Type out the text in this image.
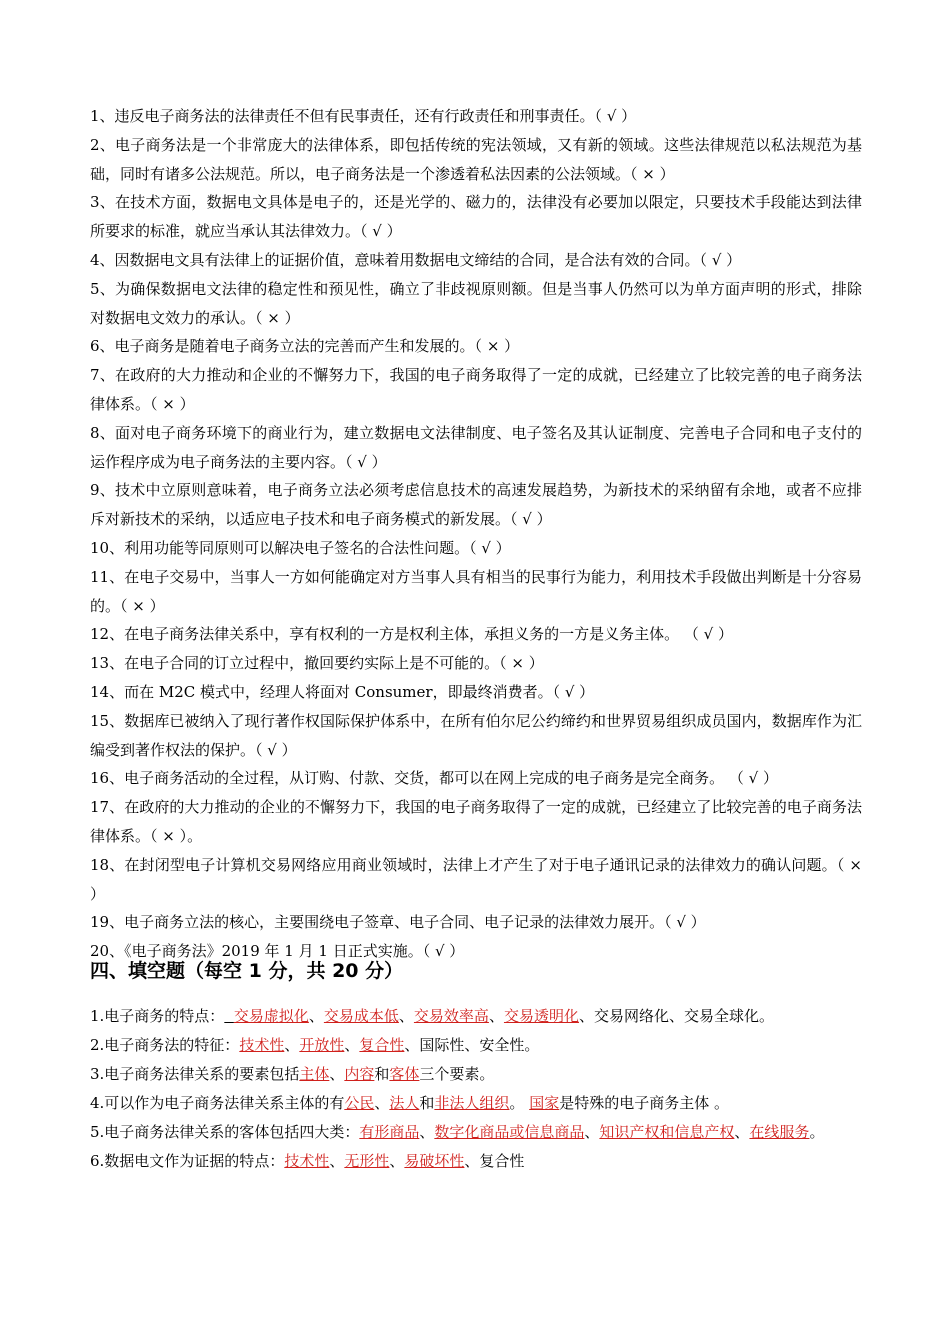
1、违反电子商务法的法律责任不但有民事责任，还有行政责任和刑事责任。（ √ ）

2、电子商务法是一个非常庞大的法律体系，即包括传统的宪法领域，又有新的领域。这些法律规范以私法规范为基础，同时有诸多公法规范。所以，电子商务法是一个渗透着私法因素的公法领域。（ × ）

3、在技术方面，数据电文具体是电子的，还是光学的、磁力的，法律没有必要加以限定，只要技术手段能达到法律所要求的标准，就应当承认其法律效力。（ √ ）

4、因数据电文具有法律上的证据价值，意味着用数据电文缔结的合同，是合法有效的合同。（ √ ）

5、为确保数据电文法律的稳定性和预见性，确立了非歧视原则额。但是当事人仍然可以为单方面声明的形式，排除对数据电文效力的承认。（ × ）

6、电子商务是随着电子商务立法的完善而产生和发展的。（ × ）

7、在政府的大力推动和企业的不懈努力下，我国的电子商务取得了一定的成就，已经建立了比较完善的电子商务法律体系。（ × ）

8、面对电子商务环境下的商业行为，建立数据电文法律制度、电子签名及其认证制度、完善电子合同和电子支付的运作程序成为电子商务法的主要内容。（ √ ）

9、技术中立原则意味着，电子商务立法必须考虑信息技术的高速发展趋势，为新技术的采纳留有余地，或者不应排斥对新技术的采纳，以适应电子技术和电子商务模式的新发展。（ √ ）

10、利用功能等同原则可以解决电子签名的合法性问题。（ √ ）

11、在电子交易中，当事人一方如何能确定对方当事人具有相当的民事行为能力，利用技术手段做出判断是十分容易的。（ × ）

12、在电子商务法律关系中，享有权利的一方是权利主体，承担义务的一方是义务主体。 （ √ ）

13、在电子合同的订立过程中，撤回要约实际上是不可能的。（ × ）

14、而在 M2C 模式中，经理人将面对 Consumer，即最终消费者。（ √ ）

15、数据库已被纳入了现行著作权国际保护体系中，在所有伯尔尼公约缔约和世界贸易组织成员国内，数据库作为汇编受到著作权法的保护。（ √ ）

16、电子商务活动的全过程，从订购、付款、交货，都可以在网上完成的电子商务是完全商务。 （ √ ）

17、在政府的大力推动的企业的不懈努力下，我国的电子商务取得了一定的成就，已经建立了比较完善的电子商务法律体系。（ × ）。

18、在封闭型电子计算机交易网络应用商业领域时，法律上才产生了对于电子通讯记录的法律效力的确认问题。（ × ）

19、电子商务立法的核心，主要围绕电子签章、电子合同、电子记录的法律效力展开。（ √ ）

20、《电子商务法》2019 年 1 月 1 日正式实施。（ √ ）

四、填空题（每空 1 分，共 20 分）

1.电子商务的特点： 交易虚拟化、交易成本低、交易效率高、交易透明化、交易网络化、交易全球化。

2.电子商务法的特征：技术性、开放性、复合性、国际性、安全性。

3.电子商务法律关系的要素包括主体、内容和客体三个要素。

4.可以作为电子商务法律关系主体的有公民、法人和非法人组织。 国家是特殊的电子商务主体 。

5.电子商务法律关系的客体包括四大类：有形商品、数字化商品或信息商品、知识产权和信息产权、在线服务。

6.数据电文作为证据的特点：技术性、无形性、易破坏性、复合性
